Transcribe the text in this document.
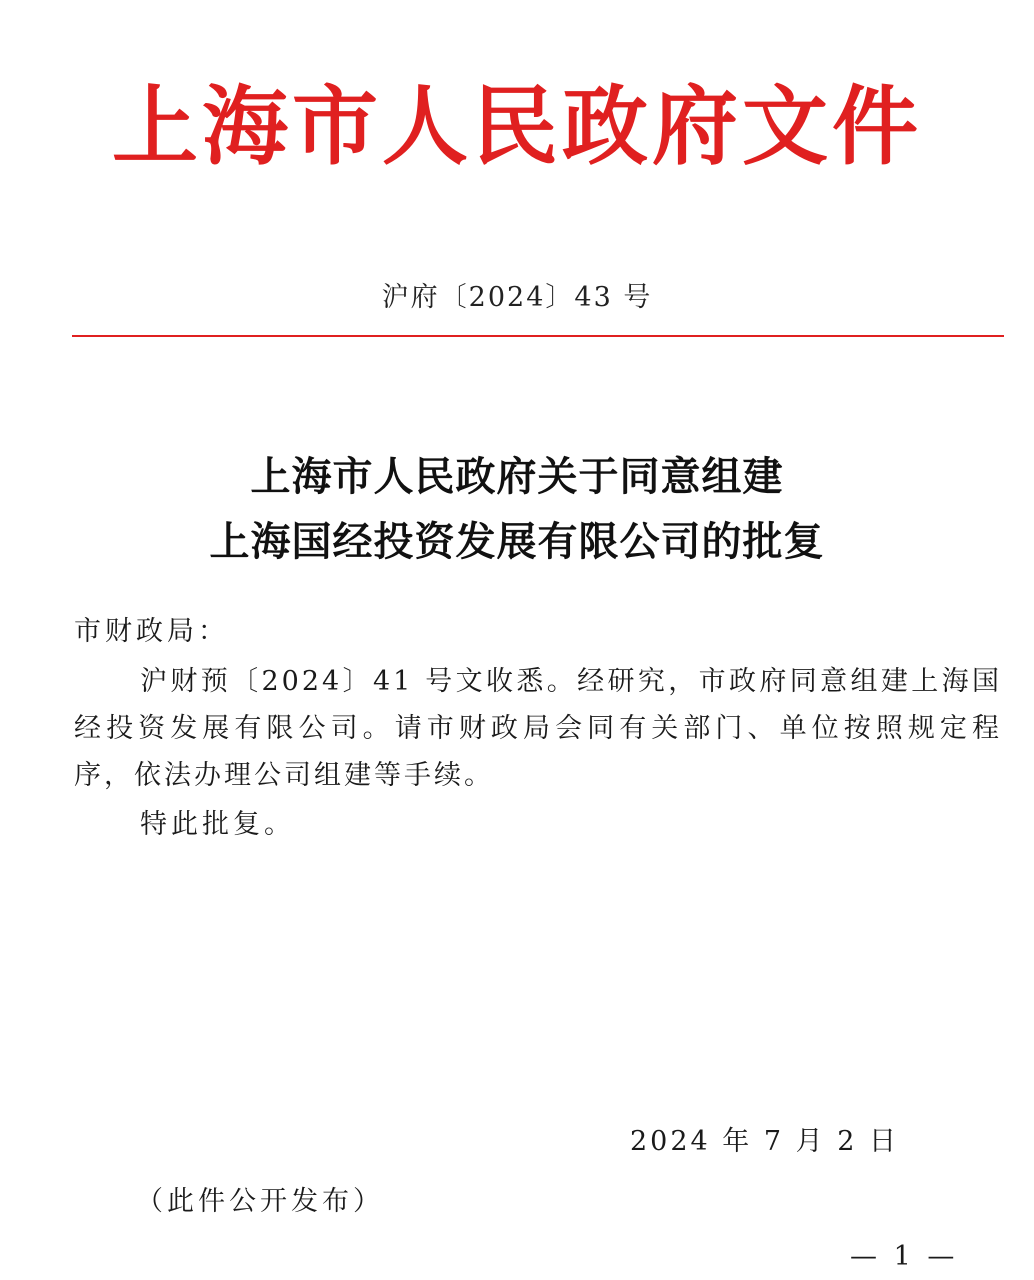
上海市人民政府文件
沪府〔2024〕43 号
上海市人民政府关于同意组建
上海国经投资发展有限公司的批复
市财政局：
沪财预〔2024〕41 号文收悉。经研究，市政府同意组建上海国经投资发展有限公司。请市财政局会同有关部门、单位按照规定程序，依法办理公司组建等手续。
特此批复。
2024 年 7 月 2 日
（此件公开发布）
— 1 —
